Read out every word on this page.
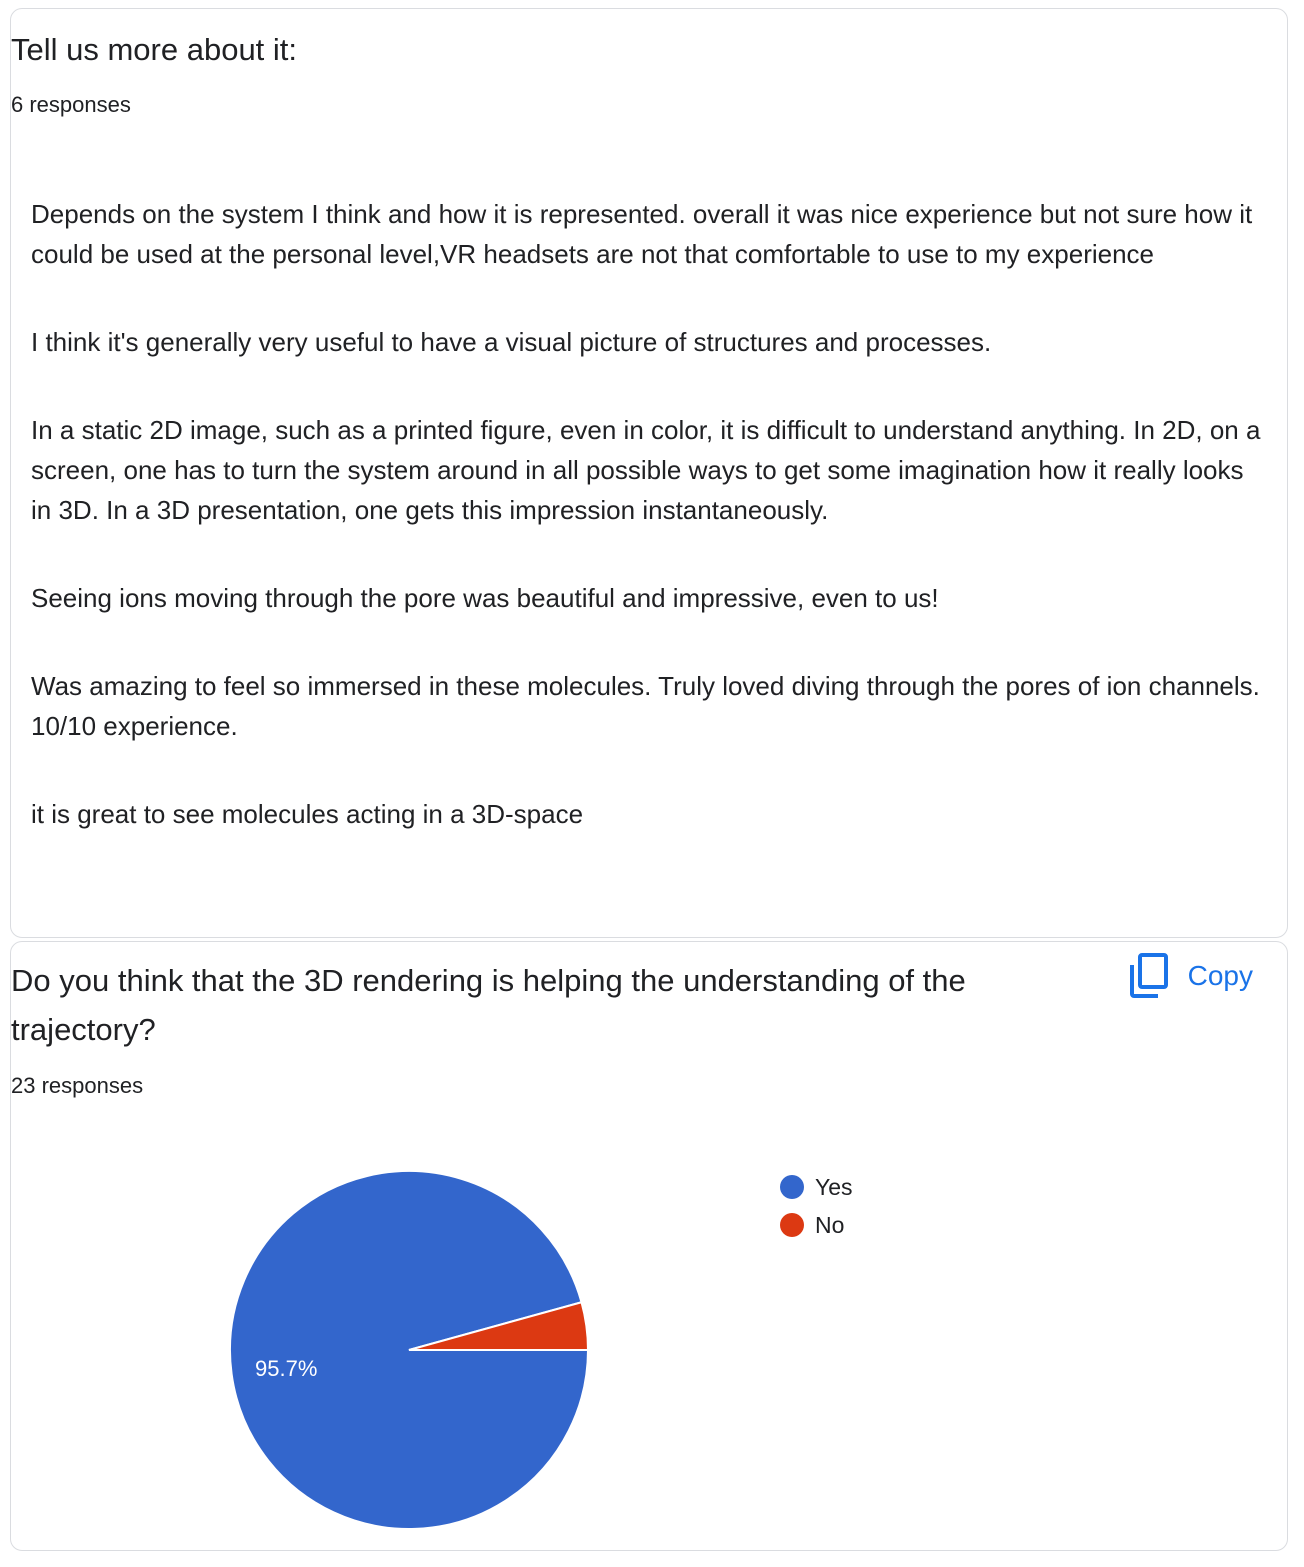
Tell us more about it:
6 responses
Depends on the system I think and how it is represented. overall it was nice experience but not sure how it could be used at the personal level,VR headsets are not that comfortable to use to my experience
I think it's generally very useful to have a visual picture of structures and processes.
In a static 2D image, such as a printed figure, even in color, it is difficult to understand anything. In 2D, on a screen, one has to turn the system around in all possible ways to get some imagination how it really looks in 3D. In a 3D presentation, one gets this impression instantaneously.
Seeing ions moving through the pore was beautiful and impressive, even to us!
Was amazing to feel so immersed in these molecules. Truly loved diving through the pores of ion channels. 10/10 experience.
it is great to see molecules acting in a 3D-space
Do you think that the 3D rendering is helping the understanding of the trajectory?
Copy
23 responses
95.7%
Yes
No
